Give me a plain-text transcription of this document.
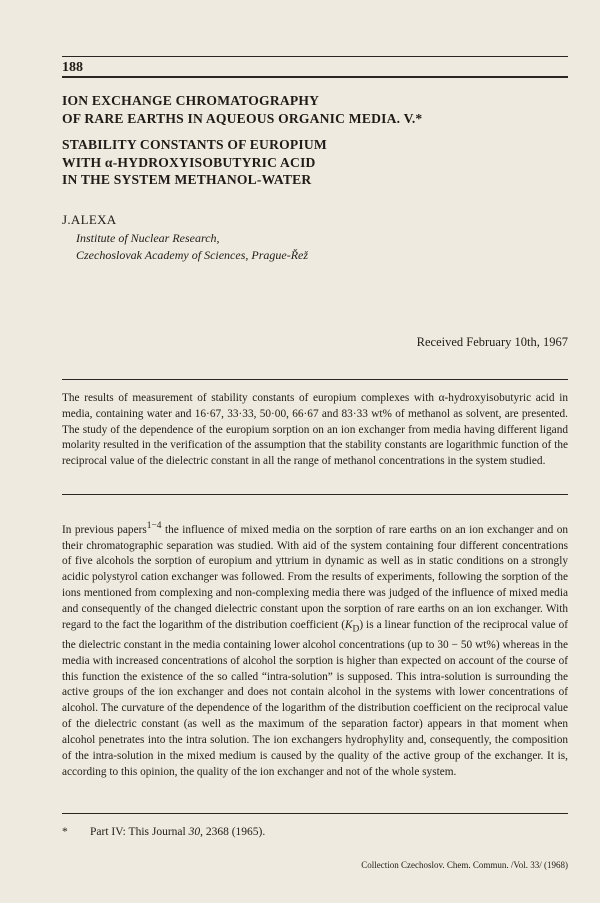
188
ION EXCHANGE CHROMATOGRAPHY
OF RARE EARTHS IN AQUEOUS ORGANIC MEDIA. V.*
STABILITY CONSTANTS OF EUROPIUM
WITH α-HYDROXYISOBUTYRIC ACID
IN THE SYSTEM METHANOL-WATER
J.ALEXA
Institute of Nuclear Research,
Czechoslovak Academy of Sciences, Prague-Řež
Received February 10th, 1967
The results of measurement of stability constants of europium complexes with α-hydroxyisobutyric acid in media, containing water and 16·67, 33·33, 50·00, 66·67 and 83·33 wt% of methanol as solvent, are presented. The study of the dependence of the europium sorption on an ion exchanger from media having different ligand molarity resulted in the verification of the assumption that the stability constants are logarithmic function of the reciprocal value of the dielectric constant in all the range of methanol concentrations in the system studied.
In previous papers$^{1-4}$ the influence of mixed media on the sorption of rare earths on an ion exchanger and on their chromatographic separation was studied. With aid of the system containing four different concentrations of five alcohols the sorption of europium and yttrium in dynamic as well as in static conditions on a strongly acidic polystyrol cation exchanger was followed. From the results of experiments, following the sorption of the ions mentioned from complexing and non-complexing media there was judged of the influence of mixed media and consequently of the changed dielectric constant upon the sorption of rare earths on an ion exchanger. With regard to the fact the logarithm of the distribution coefficient $(K_D)$ is a linear function of the reciprocal value of the dielectric constant in the media containing lower alcohol concentrations (up to 30 − 50 wt%) whereas in the media with increased concentrations of alcohol the sorption is higher than expected on account of the course of this function the existence of the so called “intra-solution” is supposed. This intra-solution is surrounding the active groups of the ion exchanger and does not contain alcohol in the systems with lower concentrations of alcohol. The curvature of the dependence of the logarithm of the distribution coefficient on the reciprocal value of the dielectric constant (as well as the maximum of the separation factor) appears in that moment when alcohol penetrates into the intra solution. The ion exchangers hydrophylity and, consequently, the composition of the intra-solution in the mixed medium is caused by the quality of the active group of the exchanger. It is, according to this opinion, the quality of the ion exchanger and not of the whole system.
* Part IV: This Journal 30, 2368 (1965).
Collection Czechoslov. Chem. Commun. /Vol. 33/ (1968)
